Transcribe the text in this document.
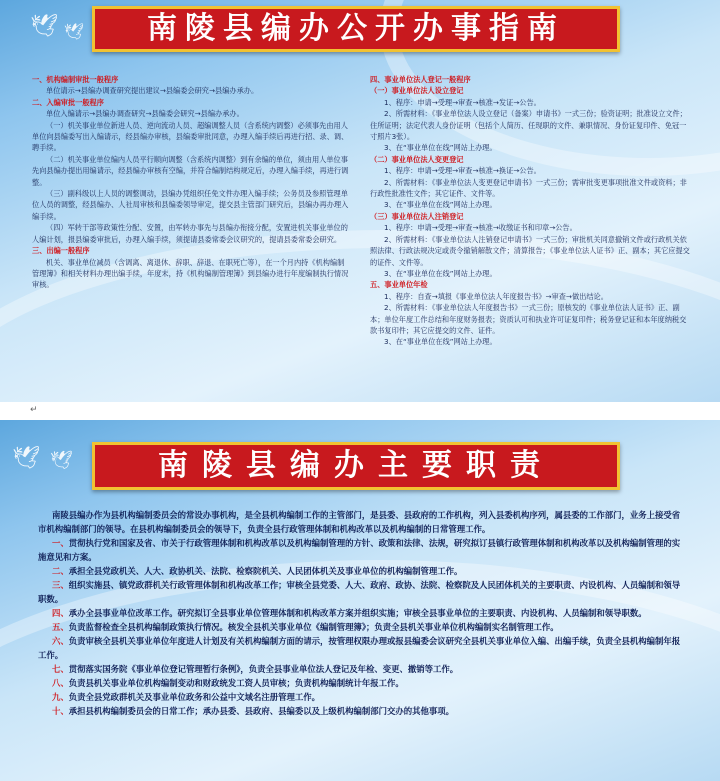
🕊 🕊	南陵县编办公开办事指南

一、机构编制审批一般程序

单位请示→县编办调查研究提出建议→县编委会研究→县编办承办。

二、入编审批一般程序

单位入编请示→县编办调查研究→县编委会研究→县编办承办。

（一）机关事业单位新进人员、逆向流动人员、超编调整人员（含系统内调整）必须事先由用人单位向县编委写出入编请示，经县编办审核，县编委审批同意，办理入编手续后再进行招、录、调、聘手续。

（二）机关事业单位编内人员平行顺向调整（含系统内调整）到有余编的单位，须由用人单位事先向县编办提出用编请示，经县编办审核有空编，并符合编制结构规定后，办理入编手续，再进行调整。

（三）副科级以上人员的调整调动，县编办凭组织任免文件办理入编手续；公务员及参照管理单位人员的调整，经县编办、人社局审核和县编委领导审定，提交县主管部门研究后，县编办再办理入编手续。

（四）军转干部等政策性分配、安置，由军转办事先与县编办衔接分配，安置进机关事业单位的人编计划，报县编委审批后，办理入编手续，须提请县委常委会议研究的，提请县委常委会研究。

三、出编一般程序

机关、事业单位减员（含调离、离退休、辞职、辞退、在职死亡等），在一个月内持《机构编制管理簿》和相关材料办理出编手续，年度末，持《机构编制管理簿》到县编办进行年度编制执行情况审核。

四、事业单位法人登记一般程序

（一）事业单位法人设立登记

1、程序：申请→受理→审查→核准→发证→公告。

2、所需材料：《事业单位法人设立登记（备案）申请书》一式三份；验资证明；批准设立文件；住所证明；法定代表人身份证明（包括个人简历、任现职的文件、兼职情况、身份证复印件、免冠一寸照片3张）。

3、在“事业单位在线”网站上办理。

（二）事业单位法人变更登记

1、程序：申请→受理→审查→核准→换证→公告。

2、所需材料：《事业单位法人变更登记申请书》一式三份；需审批变更事项批准文件或资料；非行政性批准性文件；其它证件、文件等。

3、在“事业单位在线”网站上办理。

（三）事业单位法人注销登记

1、程序：申请→受理→审查→核准→收缴证书和印章→公告。

2、所需材料：《事业单位法人注销登记申请书》一式三份；审批机关同意撤销文件或行政机关依照法律、行政法规决定或责令撤销解散文件；清算报告；《事业单位法人证书》正、副本；其它应提交的证件、文件等。

3、在“事业单位在线”网站上办理。

五、事业单位年检

1、程序：自查→填报《事业单位法人年度报告书》→审查→做出结论。

2、所需材料：《事业单位法人年度报告书》一式三份；原核发的《事业单位法人证书》正、副本；单位年度工作总结和年度财务报表；资质认可和执业许可证复印件；税务登记证和本年度纳税交款书复印件；其它应提交的文件、证件。

3、在“事业单位在线”网站上办理。

↵
🕊 🕊	南陵县编办主要职责

南陵县编办作为县机构编制委员会的常设办事机构，是全县机构编制工作的主管部门，是县委、县政府的工作机构，列入县委机构序列，属县委的工作部门，业务上接受省市机构编制部门的领导。在县机构编制委员会的领导下，负责全县行政管理体制和机构改革以及机构编制的日常管理工作。

一、贯彻执行党和国家及省、市关于行政管理体制和机构改革以及机构编制管理的方针、政策和法律、法规，研究拟订县镇行政管理体制和机构改革以及机构编制管理的实施意见和方案。

二、承担全县党政机关、人大、政协机关、法院、检察院机关、人民团体机关及事业单位的机构编制管理工作。

三、组织实施县、镇党政群机关行政管理体制和机构改革工作；审核全县党委、人大、政府、政协、法院、检察院及人民团体机关的主要职责、内设机构、人员编制和领导职数。

四、承办全县事业单位改革工作。研究拟订全县事业单位管理体制和机构改革方案并组织实施；审核全县事业单位的主要职责、内设机构、人员编制和领导职数。

五、负责监督检查全县机构编制政策执行情况。核发全县机关事业单位《编制管理簿》；负责全县机关事业单位机构编制实名制管理工作。

六、负责审核全县机关事业单位年度进人计划及有关机构编制方面的请示，按管理权限办理或报县编委会议研究全县机关事业单位入编、出编手续，负责全县机构编制年报工作。

七、贯彻落实国务院《事业单位登记管理暂行条例》，负责全县事业单位法人登记及年检、变更、撤销等工作。

八、负责县机关事业单位机构编制变动和财政统发工资人员审核；负责机构编制统计年报工作。

九、负责全县党政群机关及事业单位政务和公益中文域名注册管理工作。

十、承担县机构编制委员会的日常工作；承办县委、县政府、县编委以及上级机构编制部门交办的其他事项。
